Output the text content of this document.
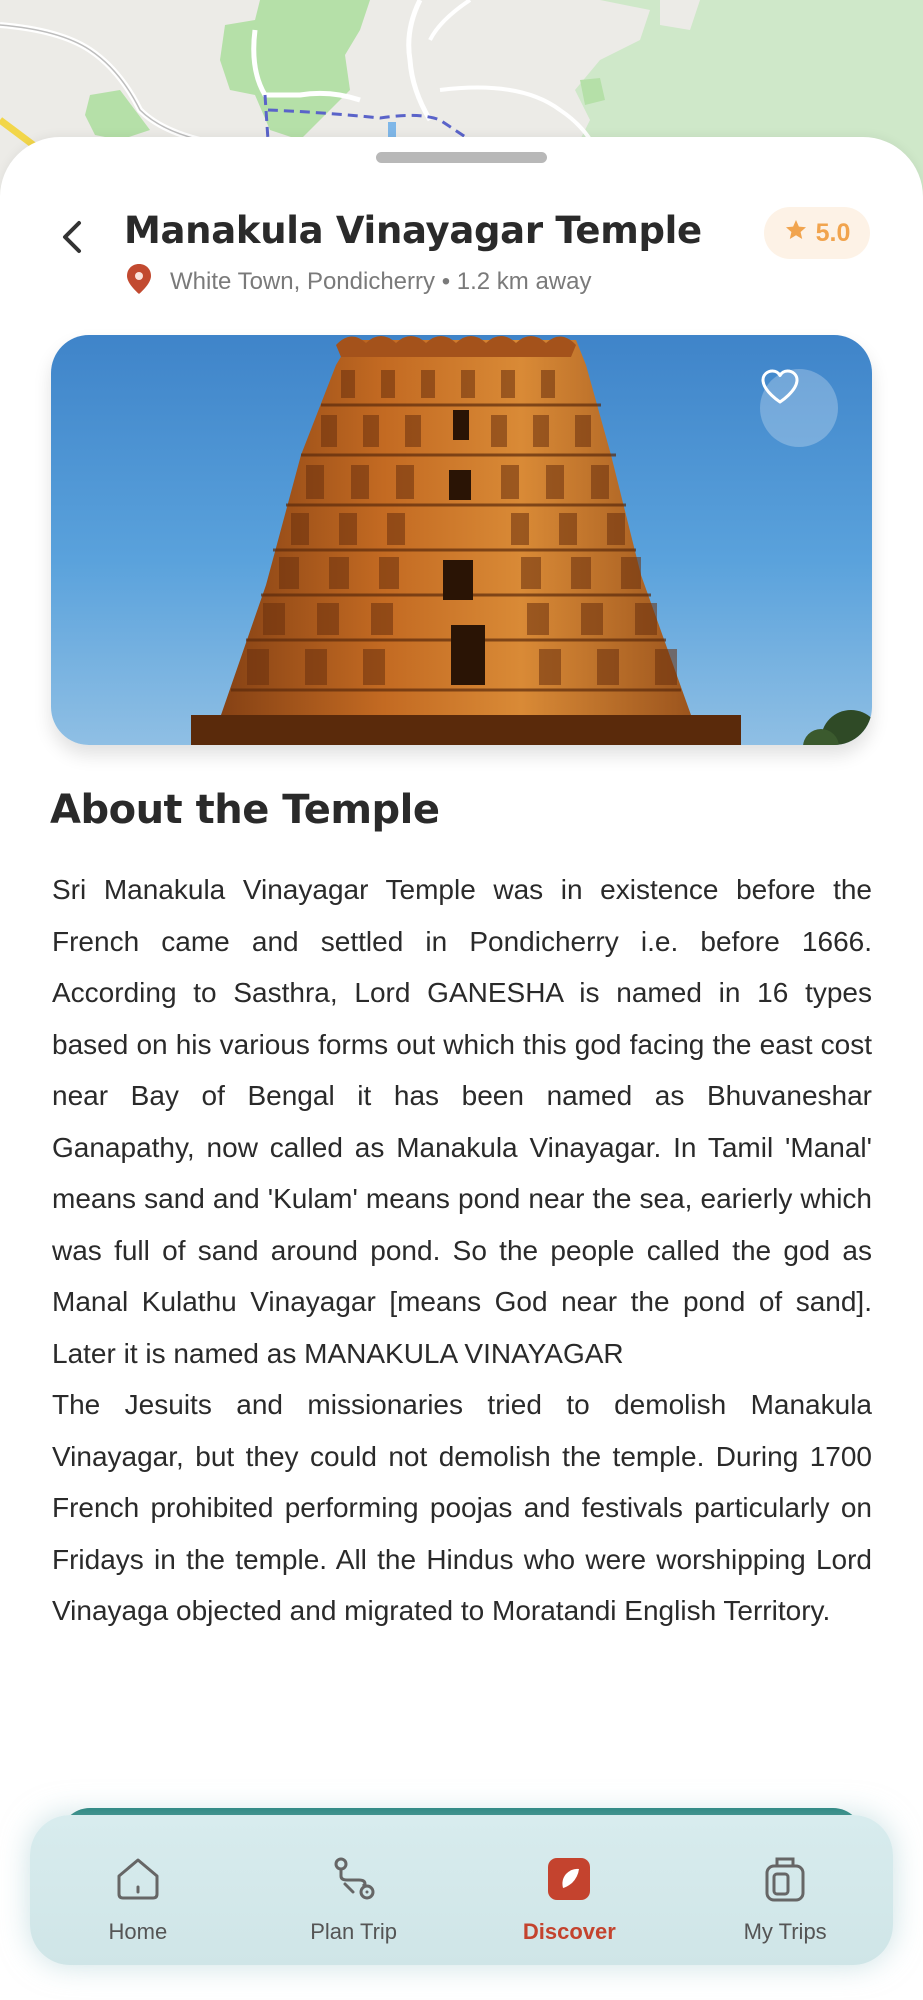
Manakula Vinayagar Temple
White Town, Pondicherry • 1.2 km away
5.0
About the Temple

Sri Manakula Vinayagar Temple was in existence before the French came and settled in Pondicherry i.e. before 1666. According to Sasthra, Lord GANESHA is named in 16 types based on his various forms out which this god facing the east cost near Bay of Bengal it has been named as Bhuvaneshar Ganapathy, now called as Manakula Vinayagar. In Tamil 'Manal' means sand and 'Kulam' means pond near the sea, earierly which was full of sand around pond. So the people called the god as Manal Kulathu Vinayagar [means God near the pond of sand]. Later it is named as MANAKULA VINAYAGAR

The Jesuits and missionaries tried to demolish Manakula Vinayagar, but they could not demolish the temple. During 1700 French prohibited performing poojas and festivals particularly on Fridays in the temple. All the Hindus who were worshipping Lord Vinayaga objected and migrated to Moratandi English Territory.

Home	Plan Trip	Discover	My Trips
